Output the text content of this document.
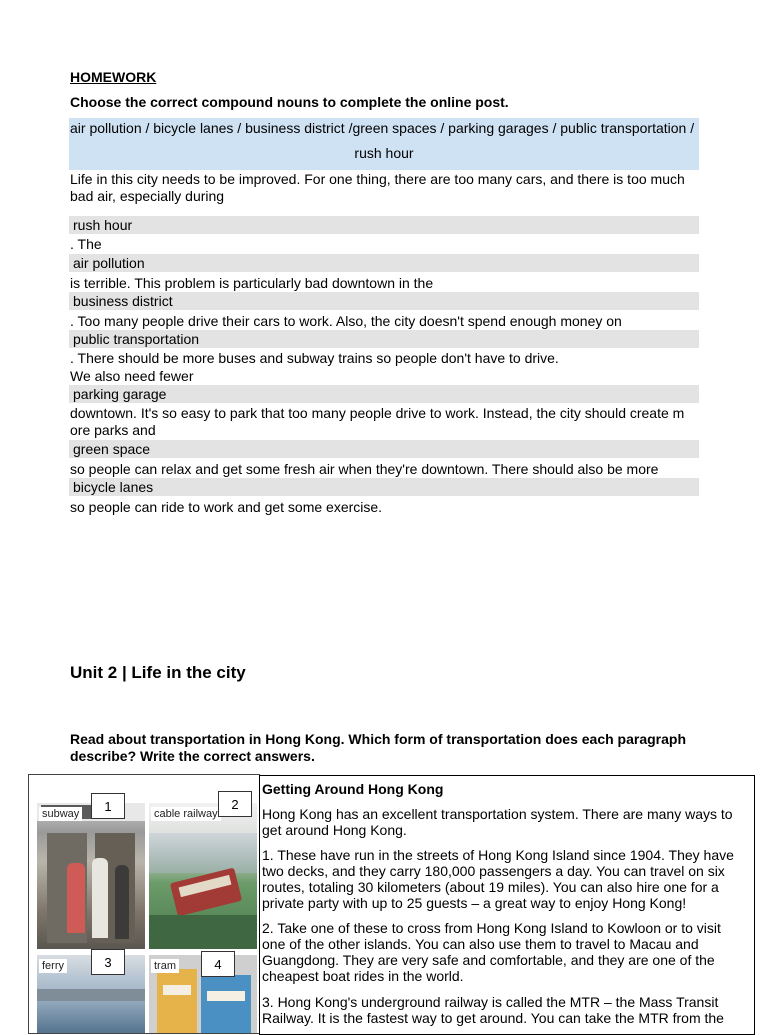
HOMEWORK
Choose the correct compound nouns to complete the online post.
air pollution / bicycle lanes / business district /green spaces / parking garages / public transportation /
rush hour
Life in this city needs to be improved. For one thing, there are too many cars, and there is too much bad air, especially during
rush hour
. The
air pollution
is terrible. This problem is particularly bad downtown in the
business district
. Too many people drive their cars to work. Also, the city doesn't spend enough money on
public transportation
. There should be more buses and subway trains so people don't have to drive.
We also need fewer
parking garage
downtown. It's so easy to park that too many people drive to work. Instead, the city should create m ore parks and
green space
so people can relax and get some fresh air when they're downtown. There should also be more
bicycle lanes
so people can ride to work and get some exercise.
Unit 2 | Life in the city
Read about transportation in Hong Kong. Which form of transportation does each paragraph describe? Write the correct answers.
subway	cable railway
ferry	tram
1	2
3	4
Getting Around Hong Kong
Hong Kong has an excellent transportation system. There are many ways to get around Hong Kong.
1. These have run in the streets of Hong Kong Island since 1904. They have two decks, and they carry 180,000 passengers a day. You can travel on six routes, totaling 30 kilometers (about 19 miles). You can also hire one for a private party with up to 25 guests – a great way to enjoy Hong Kong!
2. Take one of these to cross from Hong Kong Island to Kowloon or to visit one of the other islands. You can also use them to travel to Macau and Guangdong. They are very safe and comfortable, and they are one of the cheapest boat rides in the world.
3. Hong Kong's underground railway is called the MTR – the Mass Transit Railway. It is the fastest way to get around. You can take the MTR from the
